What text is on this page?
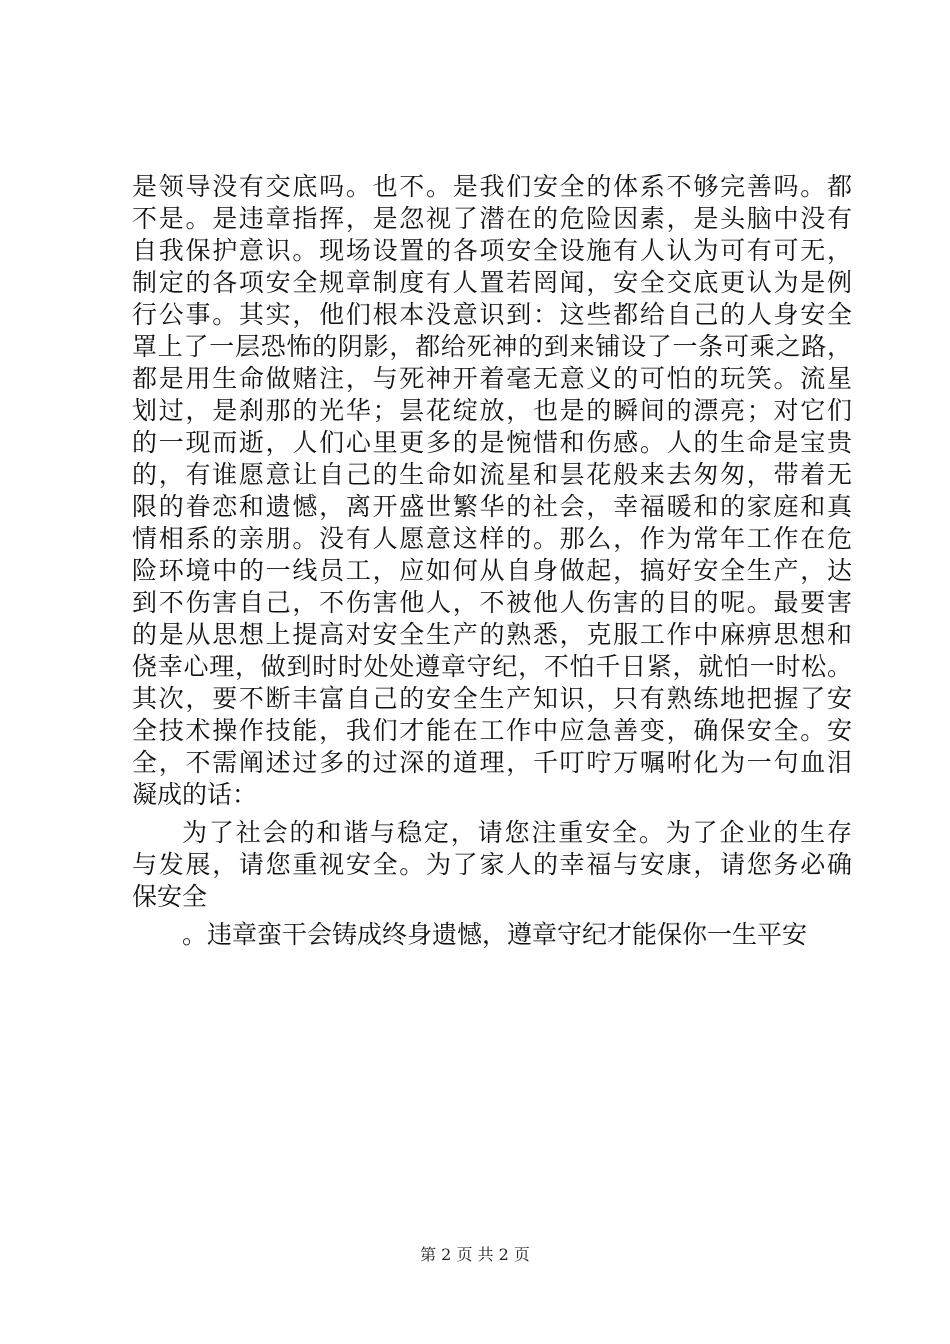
是领导没有交底吗。也不。是我们安全的体系不够完善吗。都
不是。是违章指挥，是忽视了潜在的危险因素，是头脑中没有
自我保护意识。现场设置的各项安全设施有人认为可有可无，
制定的各项安全规章制度有人置若罔闻，安全交底更认为是例
行公事。其实，他们根本没意识到：这些都给自己的人身安全
罩上了一层恐怖的阴影，都给死神的到来铺设了一条可乘之路，
都是用生命做赌注，与死神开着毫无意义的可怕的玩笑。流星
划过，是刹那的光华；昙花绽放，也是的瞬间的漂亮；对它们
的一现而逝，人们心里更多的是惋惜和伤感。人的生命是宝贵
的，有谁愿意让自己的生命如流星和昙花般来去匆匆，带着无
限的眷恋和遗憾，离开盛世繁华的社会，幸福暖和的家庭和真
情相系的亲朋。没有人愿意这样的。那么，作为常年工作在危
险环境中的一线员工，应如何从自身做起，搞好安全生产，达
到不伤害自己，不伤害他人，不被他人伤害的目的呢。最要害
的是从思想上提高对安全生产的熟悉，克服工作中麻痹思想和
侥幸心理，做到时时处处遵章守纪，不怕千日紧，就怕一时松。
其次，要不断丰富自己的安全生产知识，只有熟练地把握了安
全技术操作技能，我们才能在工作中应急善变，确保安全。安
全，不需阐述过多的过深的道理，千叮咛万嘱咐化为一句血泪
凝成的话：
为了社会的和谐与稳定，请您注重安全。为了企业的生存
与发展，请您重视安全。为了家人的幸福与安康，请您务必确
保安全
。违章蛮干会铸成终身遗憾，遵章守纪才能保你一生平安
第 2 页 共 2 页
